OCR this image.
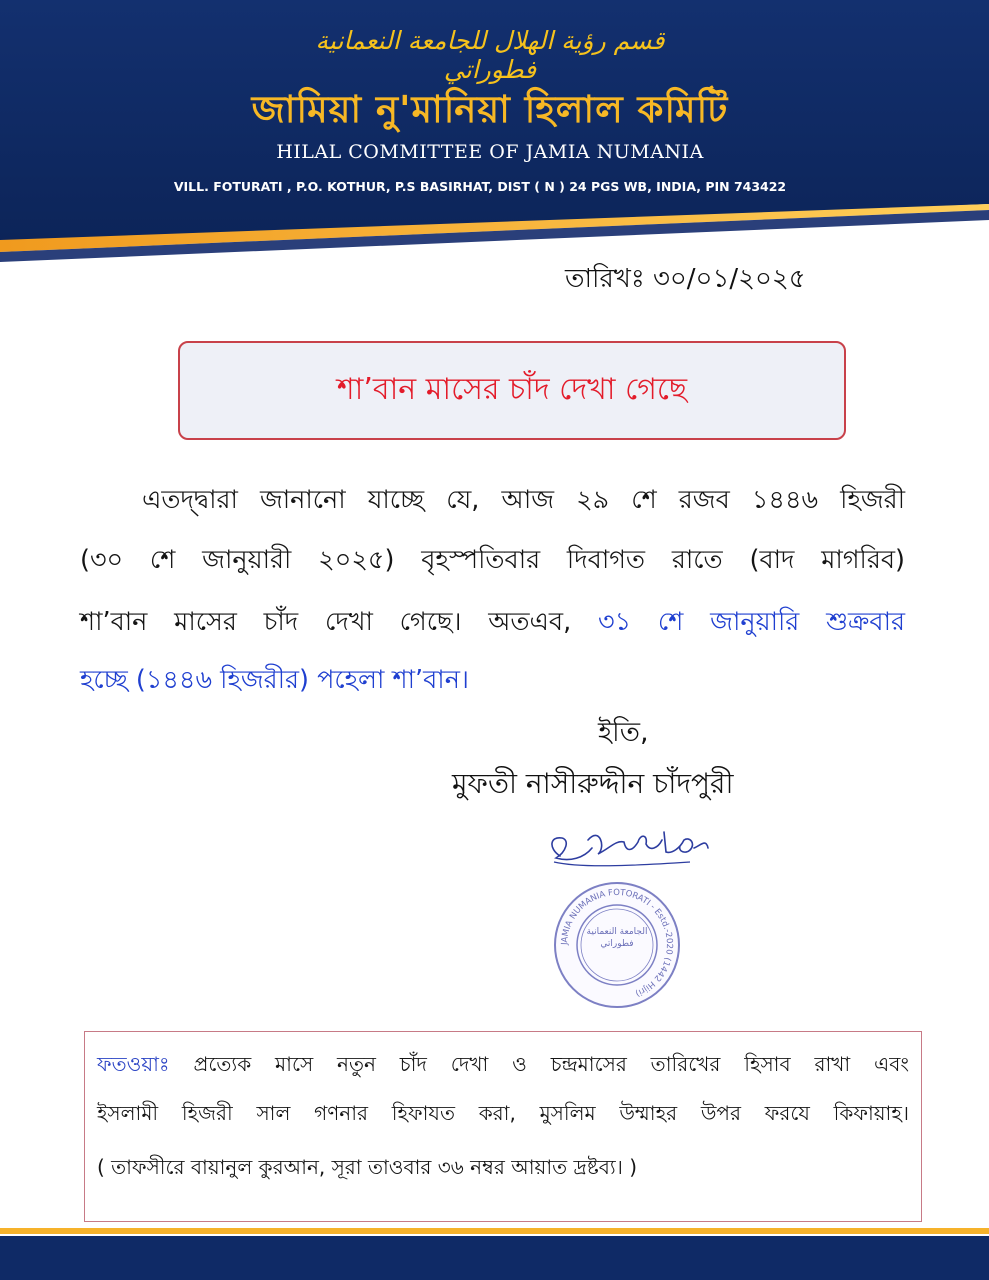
قسم رؤية الهلال للجامعة النعمانية فطوراتي
জামিয়া নু'মানিয়া হিলাল কমিটি
HILAL COMMITTEE OF JAMIA NUMANIA
VILL. FOTURATI , P.O. KOTHUR, P.S BASIRHAT, DIST ( N ) 24 PGS WB, INDIA, PIN 743422
তারিখঃ ৩০/০১/২০২৫
শা’বান মাসের চাঁদ দেখা গেছে
এতদ্দ্বারা জানানো যাচ্ছে যে, আজ ২৯ শে রজব ১৪৪৬ হিজরী
(৩০ শে জানুয়ারী ২০২৫) বৃহস্পতিবার দিবাগত রাতে (বাদ মাগরিব)
শা’বান মাসের চাঁদ দেখা গেছে। অতএব, ৩১ শে জানুয়ারি শুক্রবার
হচ্ছে (১৪৪৬ হিজরীর) পহেলা শা’বান।
ইতি,
মুফতী নাসীরুদ্দীন চাঁদপুরী
JAMIA NUMANIA FOTORATI - Estd.-2020 (1442 Hijri)
الجامعة النعمانية فطوراتي
ফতওয়াঃ প্রত্যেক মাসে নতুন চাঁদ দেখা ও চন্দ্রমাসের তারিখের হিসাব রাখা এবং
ইসলামী হিজরী সাল গণনার হিফাযত করা, মুসলিম উম্মাহর উপর ফরযে কিফায়াহ।
( তাফসীরে বায়ানুল কুরআন, সূরা তাওবার ৩৬ নম্বর আয়াত দ্রষ্টব্য। )
